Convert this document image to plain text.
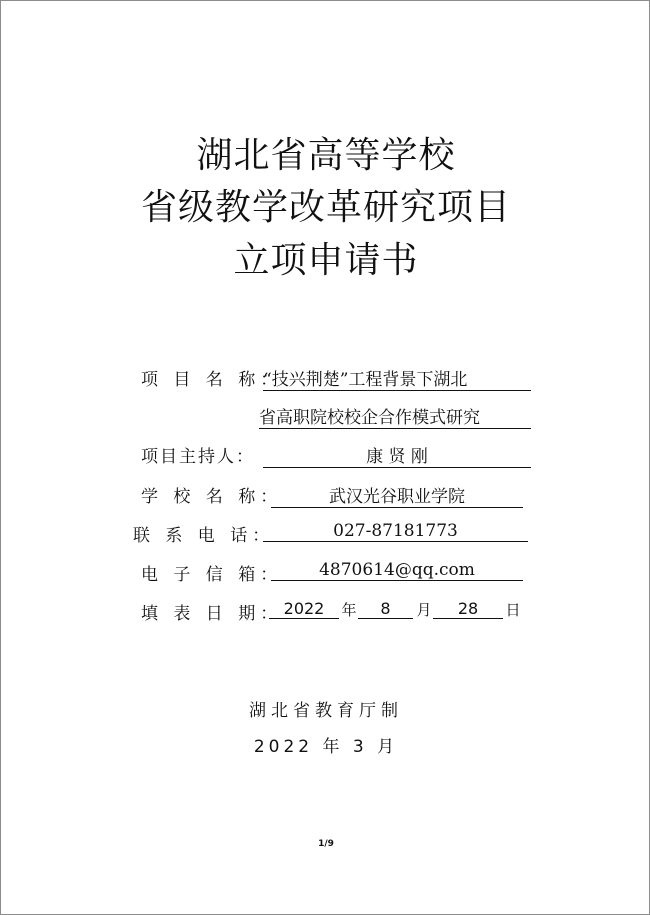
湖北省高等学校
省级教学改革研究项目
立项申请书
项 目 名 称：
“技兴荆楚”工程背景下湖北
省高职院校校企合作模式研究
项目主持人：	康 贤 刚
学 校 名 称：	武汉光谷职业学院
联 系 电 话：	027-87181773
电 子 信 箱：	4870614@qq.com
填 表 日 期： 2022	年	8	月	28	日
湖北省教育厅制
2022 年 3 月
1/9
